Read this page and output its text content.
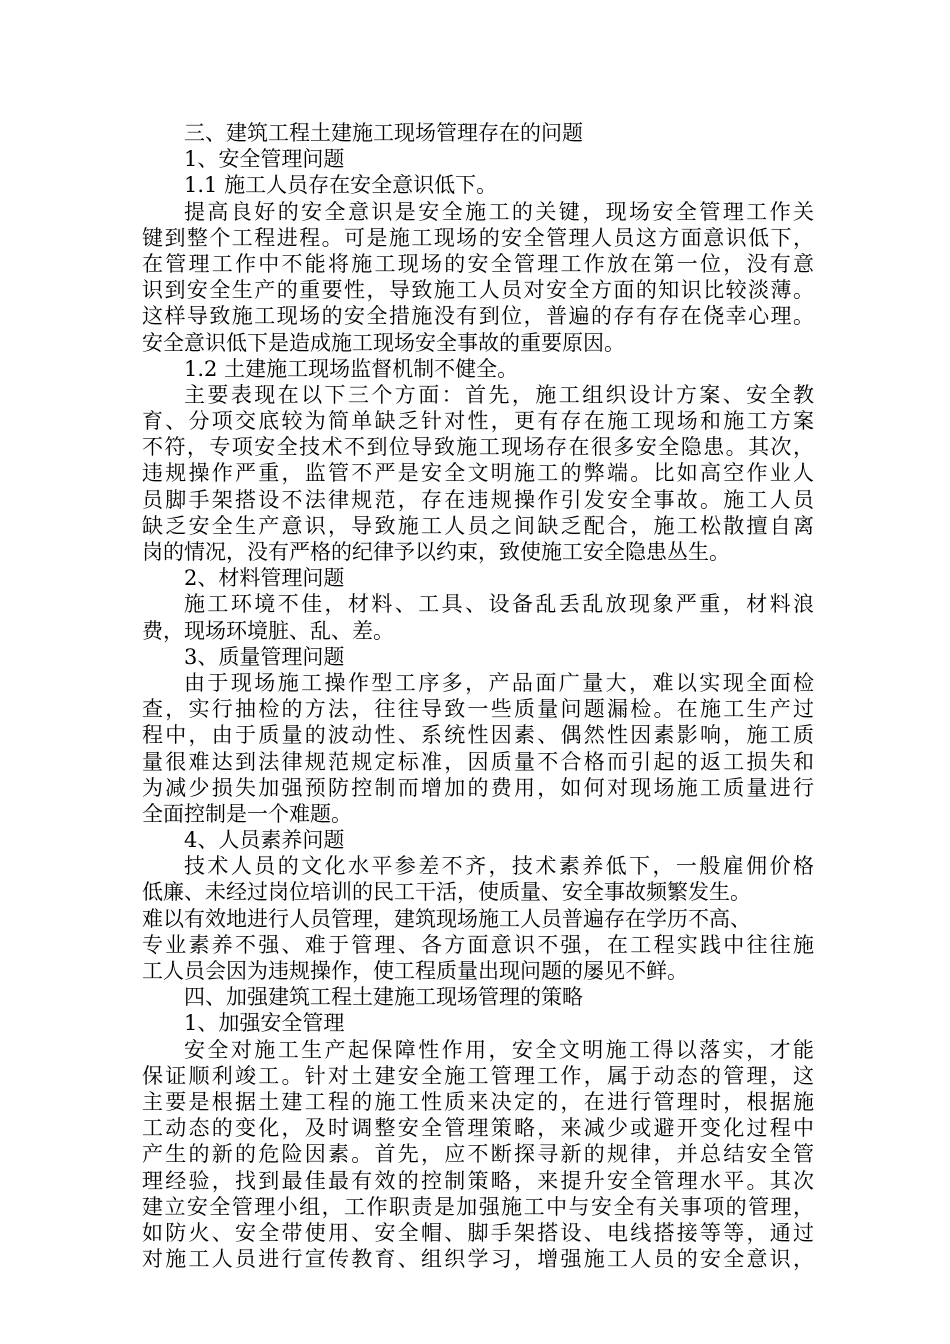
三、建筑工程土建施工现场管理存在的问题
1、安全管理问题
1.1 施工人员存在安全意识低下。
提高良好的安全意识是安全施工的关键，现场安全管理工作关
键到整个工程进程。可是施工现场的安全管理人员这方面意识低下，
在管理工作中不能将施工现场的安全管理工作放在第一位，没有意
识到安全生产的重要性，导致施工人员对安全方面的知识比较淡薄。
这样导致施工现场的安全措施没有到位，普遍的存有存在侥幸心理。
安全意识低下是造成施工现场安全事故的重要原因。
1.2 土建施工现场监督机制不健全。
主要表现在以下三个方面：首先，施工组织设计方案、安全教
育、分项交底较为简单缺乏针对性，更有存在施工现场和施工方案
不符，专项安全技术不到位导致施工现场存在很多安全隐患。其次，
违规操作严重，监管不严是安全文明施工的弊端。比如高空作业人
员脚手架搭设不法律规范，存在违规操作引发安全事故。施工人员
缺乏安全生产意识，导致施工人员之间缺乏配合，施工松散擅自离
岗的情况，没有严格的纪律予以约束，致使施工安全隐患丛生。
2、材料管理问题
施工环境不佳，材料、工具、设备乱丢乱放现象严重，材料浪
费，现场环境脏、乱、差。
3、质量管理问题
由于现场施工操作型工序多，产品面广量大，难以实现全面检
查，实行抽检的方法，往往导致一些质量问题漏检。在施工生产过
程中，由于质量的波动性、系统性因素、偶然性因素影响，施工质
量很难达到法律规范规定标准，因质量不合格而引起的返工损失和
为减少损失加强预防控制而增加的费用，如何对现场施工质量进行
全面控制是一个难题。
4、人员素养问题
技术人员的文化水平参差不齐，技术素养低下，一般雇佣价格
低廉、未经过岗位培训的民工干活，使质量、安全事故频繁发生。
难以有效地进行人员管理，建筑现场施工人员普遍存在学历不高、
专业素养不强、难于管理、各方面意识不强，在工程实践中往往施
工人员会因为违规操作，使工程质量出现问题的屡见不鲜。
四、加强建筑工程土建施工现场管理的策略
1、加强安全管理
安全对施工生产起保障性作用，安全文明施工得以落实，才能
保证顺利竣工。针对土建安全施工管理工作，属于动态的管理，这
主要是根据土建工程的施工性质来决定的，在进行管理时，根据施
工动态的变化，及时调整安全管理策略，来减少或避开变化过程中
产生的新的危险因素。首先，应不断探寻新的规律，并总结安全管
理经验，找到最佳最有效的控制策略，来提升安全管理水平。其次
建立安全管理小组，工作职责是加强施工中与安全有关事项的管理，
如防火、安全带使用、安全帽、脚手架搭设、电线搭接等等，通过
对施工人员进行宣传教育、组织学习，增强施工人员的安全意识，
